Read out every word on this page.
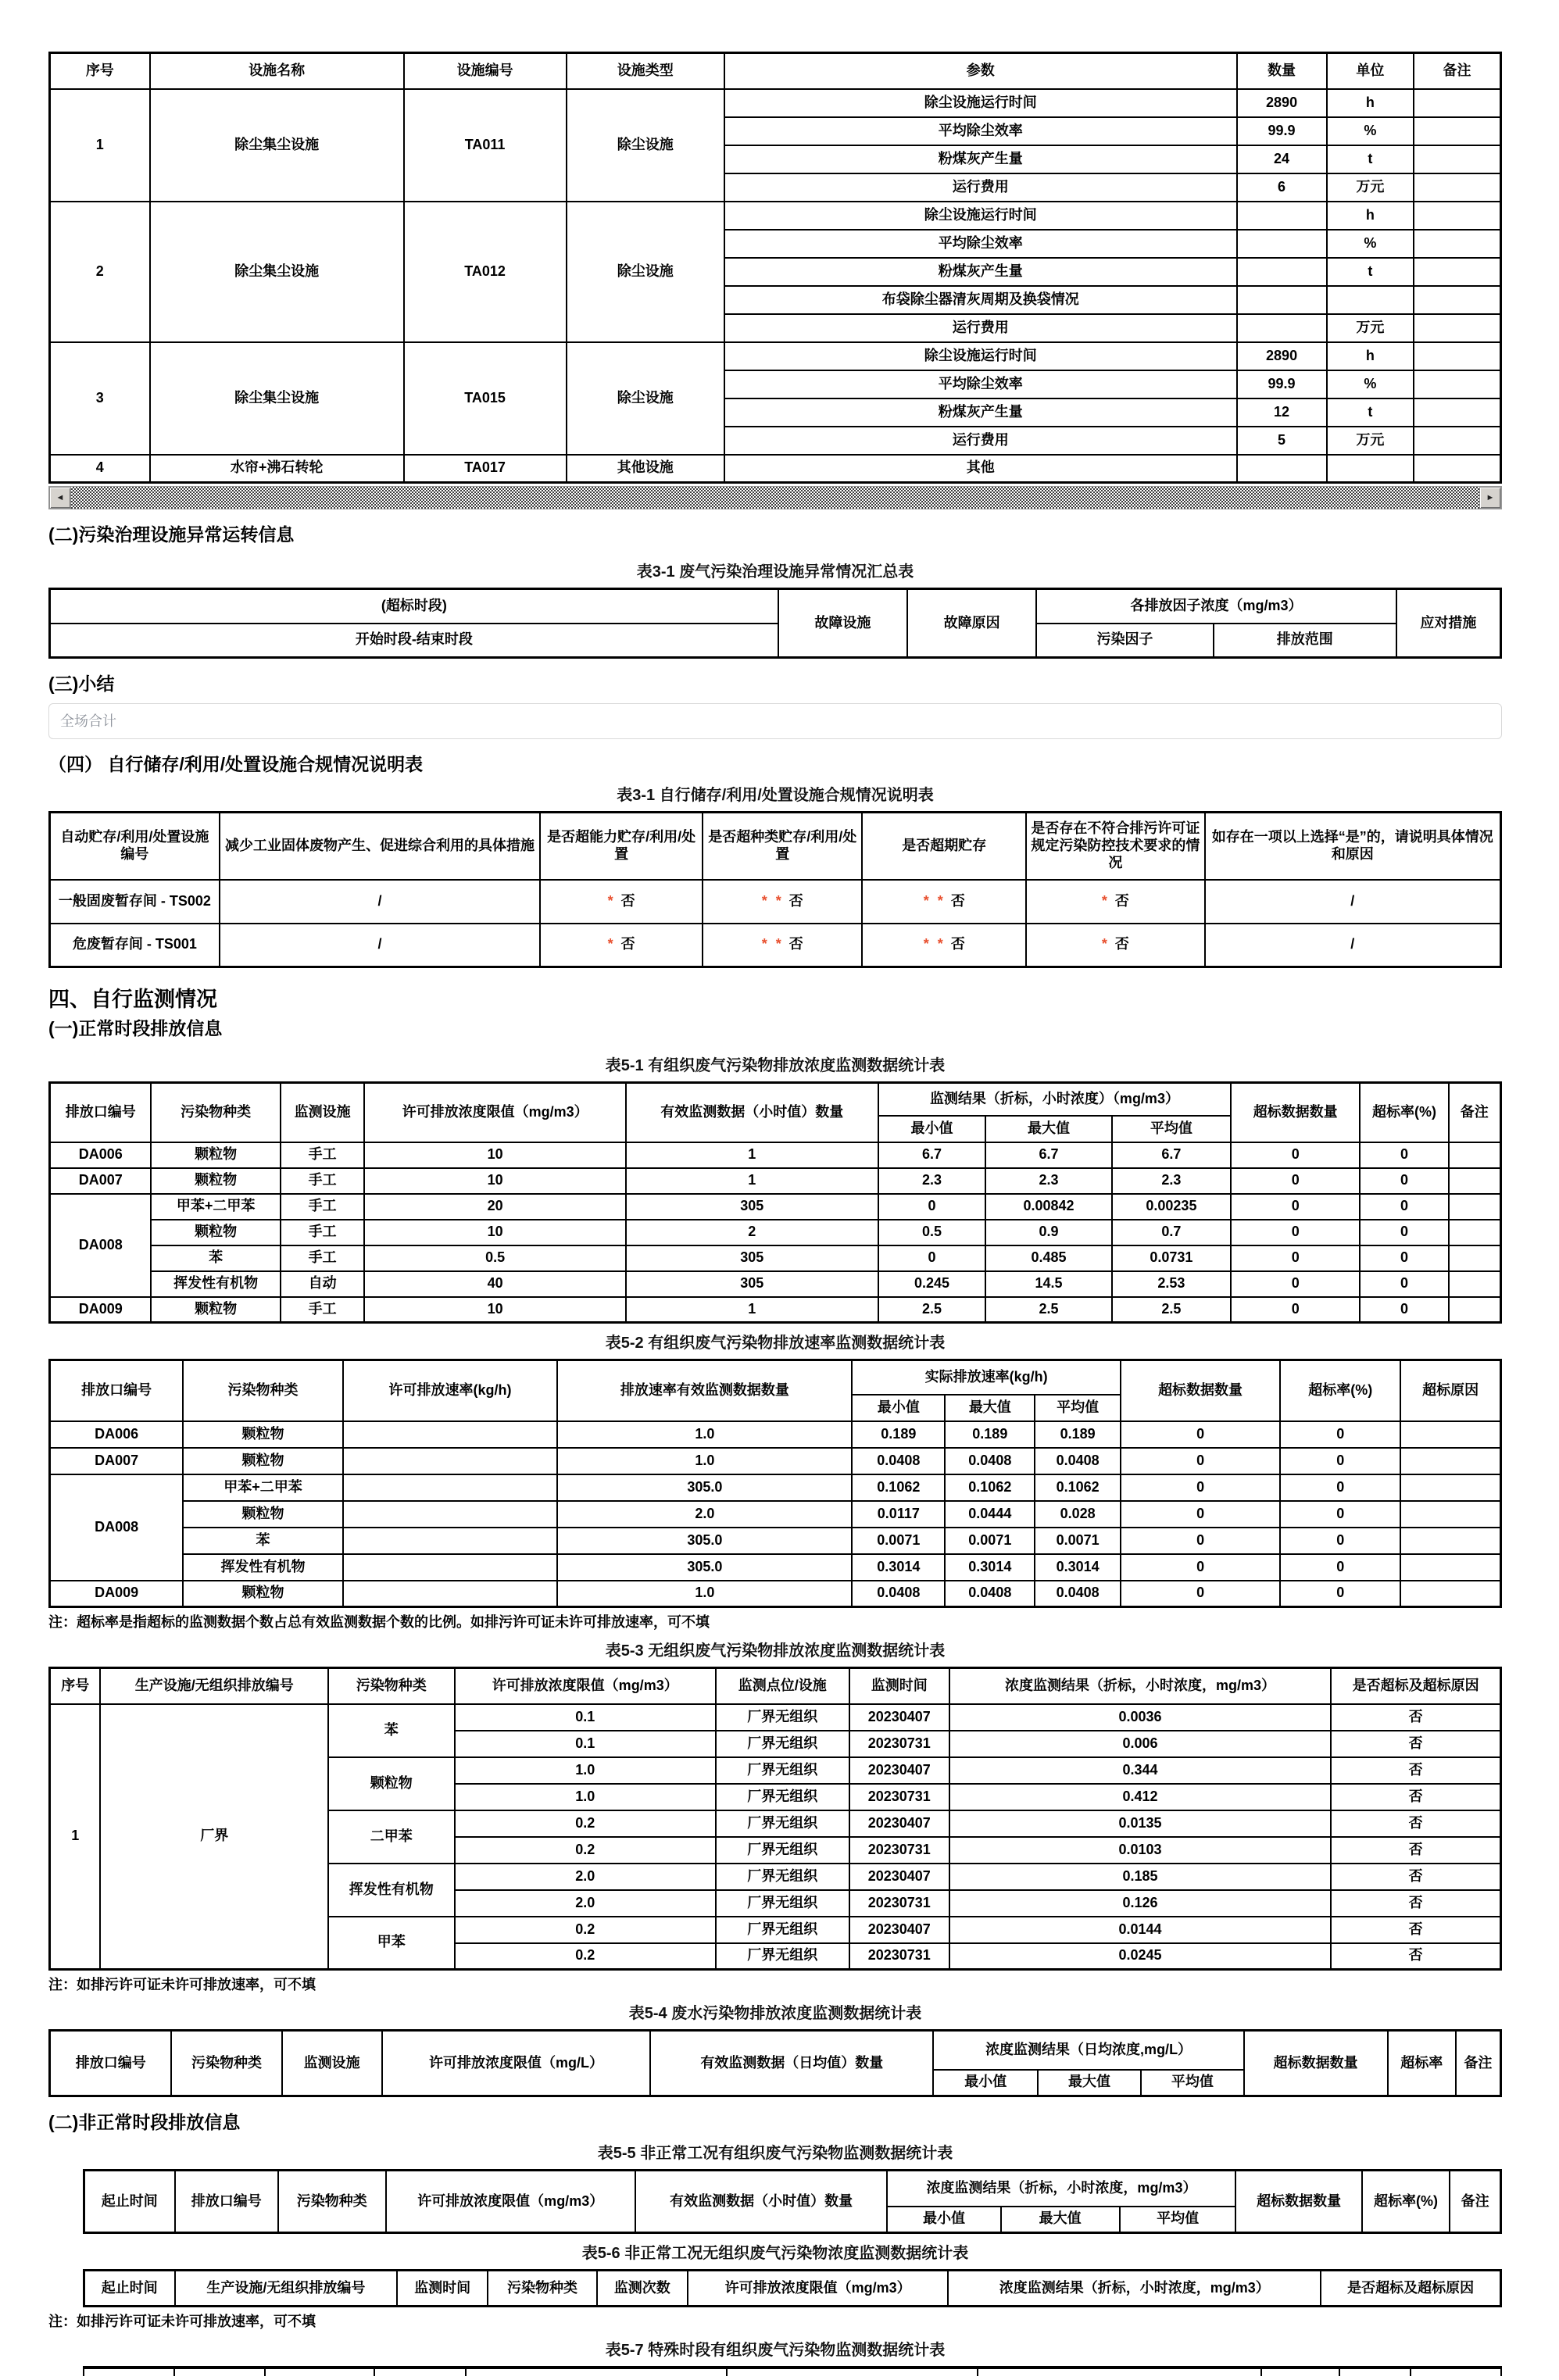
序号	设施名称	设施编号	设施类型	参数	数量	单位	备注
1	除尘集尘设施	TA011	除尘设施	除尘设施运行时间	2890	h	
				平均除尘效率	99.9	%	
				粉煤灰产生量	24	t	
				运行费用	6	万元	
2	除尘集尘设施	TA012	除尘设施	除尘设施运行时间		h	
				平均除尘效率		%	
				粉煤灰产生量		t	
				布袋除尘器清灰周期及换袋情况			
				运行费用		万元	
3	除尘集尘设施	TA015	除尘设施	除尘设施运行时间	2890	h	
				平均除尘效率	99.9	%	
				粉煤灰产生量	12	t	
				运行费用	5	万元	
4	水帘+沸石转轮	TA017	其他设施	其他			
◄	►
(二)污染治理设施异常运转信息
表3-1 废气污染治理设施异常情况汇总表
(超标时段)	故障设施	故障原因	各排放因子浓度（mg/m3）		应对措施
开始时段-结束时段			污染因子	排放范围	
(三)小结
全场合计
（四） 自行储存/利用/处置设施合规情况说明表
表3-1 自行储存/利用/处置设施合规情况说明表
自动贮存/利用/处置设施编号	减少工业固体废物产生、促进综合利用的具体措施	是否超能力贮存/利用/处置	是否超种类贮存/利用/处置	是否超期贮存	是否存在不符合排污许可证规定污染防控技术要求的情况	如存在一项以上选择“是”的，请说明具体情况和原因
一般固废暂存间 - TS002	/	* 否	* * 否	* * 否	* 否	/
危废暂存间 - TS001	/	* 否	* * 否	* * 否	* 否	/
四、自行监测情况
(一)正常时段排放信息
表5-1 有组织废气污染物排放浓度监测数据统计表
排放口编号	污染物种类	监测设施	许可排放浓度限值（mg/m3）	有效监测数据（小时值）数量	监测结果（折标，小时浓度）（mg/m3）			超标数据数量	超标率(%)	备注
					最小值	最大值	平均值			
DA006	颗粒物	手工	10	1	6.7	6.7	6.7	0	0	
DA007	颗粒物	手工	10	1	2.3	2.3	2.3	0	0	
DA008	甲苯+二甲苯	手工	20	305	0	0.00842	0.00235	0	0	
	颗粒物	手工	10	2	0.5	0.9	0.7	0	0	
	苯	手工	0.5	305	0	0.485	0.0731	0	0	
	挥发性有机物	自动	40	305	0.245	14.5	2.53	0	0	
DA009	颗粒物	手工	10	1	2.5	2.5	2.5	0	0	
表5-2 有组织废气污染物排放速率监测数据统计表
排放口编号	污染物种类	许可排放速率(kg/h)	排放速率有效监测数据数量	实际排放速率(kg/h)			超标数据数量	超标率(%)	超标原因
				最小值	最大值	平均值			
DA006	颗粒物		1.0	0.189	0.189	0.189	0	0	
DA007	颗粒物		1.0	0.0408	0.0408	0.0408	0	0	
DA008	甲苯+二甲苯		305.0	0.1062	0.1062	0.1062	0	0	
	颗粒物		2.0	0.0117	0.0444	0.028	0	0	
	苯		305.0	0.0071	0.0071	0.0071	0	0	
	挥发性有机物		305.0	0.3014	0.3014	0.3014	0	0	
DA009	颗粒物		1.0	0.0408	0.0408	0.0408	0	0	
注：超标率是指超标的监测数据个数占总有效监测数据个数的比例。如排污许可证未许可排放速率，可不填
表5-3 无组织废气污染物排放浓度监测数据统计表
序号	生产设施/无组织排放编号	污染物种类	许可排放浓度限值（mg/m3）	监测点位/设施	监测时间	浓度监测结果（折标，小时浓度，mg/m3）	是否超标及超标原因
1	厂界	苯	0.1	厂界无组织	20230407	0.0036	否
			0.1	厂界无组织	20230731	0.006	否
		颗粒物	1.0	厂界无组织	20230407	0.344	否
			1.0	厂界无组织	20230731	0.412	否
		二甲苯	0.2	厂界无组织	20230407	0.0135	否
			0.2	厂界无组织	20230731	0.0103	否
		挥发性有机物	2.0	厂界无组织	20230407	0.185	否
			2.0	厂界无组织	20230731	0.126	否
		甲苯	0.2	厂界无组织	20230407	0.0144	否
			0.2	厂界无组织	20230731	0.0245	否
注：如排污许可证未许可排放速率，可不填
表5-4 废水污染物排放浓度监测数据统计表
排放口编号	污染物种类	监测设施	许可排放浓度限值（mg/L）	有效监测数据（日均值）数量	浓度监测结果（日均浓度,mg/L）			超标数据数量	超标率	备注
					最小值	最大值	平均值			
(二)非正常时段排放信息
表5-5 非正常工况有组织废气污染物监测数据统计表
起止时间	排放口编号	污染物种类	许可排放浓度限值（mg/m3）	有效监测数据（小时值）数量	浓度监测结果（折标，小时浓度，mg/m3）			超标数据数量	超标率(%)	备注
					最小值	最大值	平均值			
表5-6 非正常工况无组织废气污染物浓度监测数据统计表
起止时间	生产设施/无组织排放编号	监测时间	污染物种类	监测次数	许可排放浓度限值（mg/m3）	浓度监测结果（折标，小时浓度，mg/m3）	是否超标及超标原因
注：如排污许可证未许可排放速率，可不填
表5-7 特殊时段有组织废气污染物监测数据统计表
